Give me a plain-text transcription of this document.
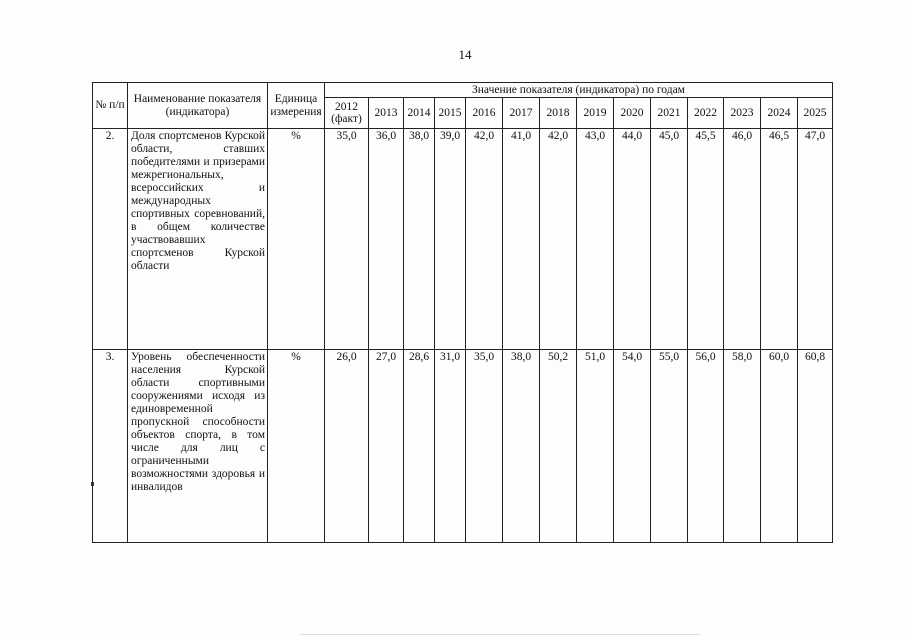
14
№ п/п	Наименование показателя (индикатора)	Единица измерения	Значение показателя (индикатора) по годам													
			2012 (факт)	2013	2014	2015	2016	2017	2018	2019	2020	2021	2022	2023	2024	2025
2.	Доля спортсменов Курской области, ставших победителями и призерами межрегиональных, всероссийских и международных спортивных соревнований, в общем количестве участвовавших спортсменов Курской области	%	35,0	36,0	38,0	39,0	42,0	41,0	42,0	43,0	44,0	45,0	45,5	46,0	46,5	47,0
3.	Уровень обеспеченности населения Курской области спортивными сооружениями исходя из единовременной пропускной способности объектов спорта, в том числе для лиц с ограниченными возможностями здоровья и инвалидов	%	26,0	27,0	28,6	31,0	35,0	38,0	50,2	51,0	54,0	55,0	56,0	58,0	60,0	60,8
